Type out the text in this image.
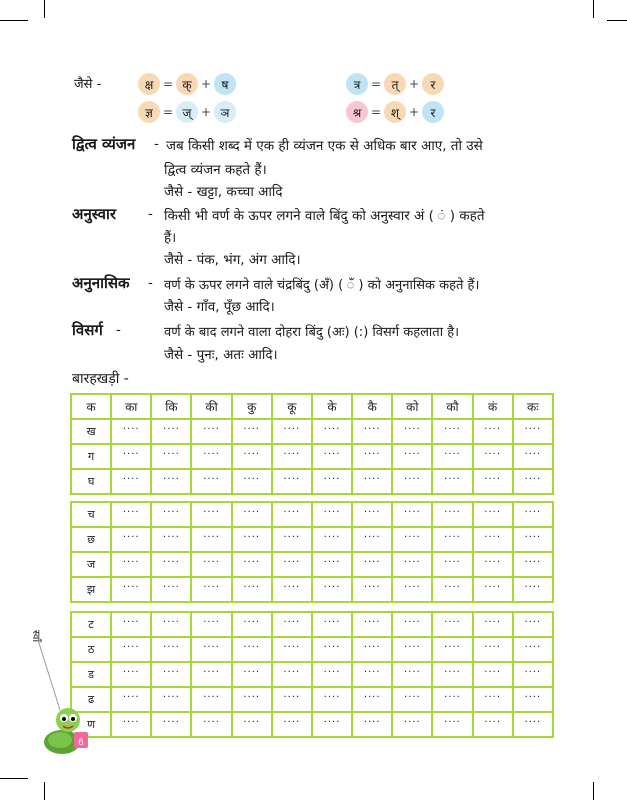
जैसे -	क्ष = क् + ष	त्र = त् + र
ज्ञ = ज् + ञ	श्र = श् + र
द्वित्व व्यंजन - जब किसी शब्द में एक ही व्यंजन एक से अधिक बार आए, तो उसे
द्वित्व व्यंजन कहते हैं।
जैसे - खट्टा, कच्चा आदि
अनुस्वार - किसी भी वर्ण के ऊपर लगने वाले बिंदु को अनुस्वार अं ( ं ) कहते
हैं।
जैसे - पंक, भंग, अंग आदि।
अनुनासिक - वर्ण के ऊपर लगने वाले चंद्रबिंदु (अँ) ( ँ ) को अनुनासिक कहते हैं।
जैसे - गाँव, पूँछ आदि।
विसर्ग -	वर्ण के बाद लगने वाला दोहरा बिंदु (अः) (:) विसर्ग कहलाता है।
जैसे - पुनः, अतः आदि।
बारहखड़ी -
क	का	कि	की	कु	कू	के	कै	को	कौ	कं	कः
ख	....	....	....	....	....	....	....	....	....	....	....
ग	....	....	....	....	....	....	....	....	....	....	....
घ	....	....	....	....	....	....	....	....	....	....	....
च	....	....	....	....	....	....	....	....	....	....	....
छ	....	....	....	....	....	....	....	....	....	....	....
ज	....	....	....	....	....	....	....	....	....	....	....
झ	....	....	....	....	....	....	....	....	....	....	....
ट	....	....	....	....	....	....	....	....	....	....	....
ठ	....	....	....	....	....	....	....	....	....	....	....
ड	....	....	....	....	....	....	....	....	....	....	....
ढ	....	....	....	....	....	....	....	....	....	....	....
ण	....	....	....	....	....	....	....	....	....	....	....
स्वाँ
6
